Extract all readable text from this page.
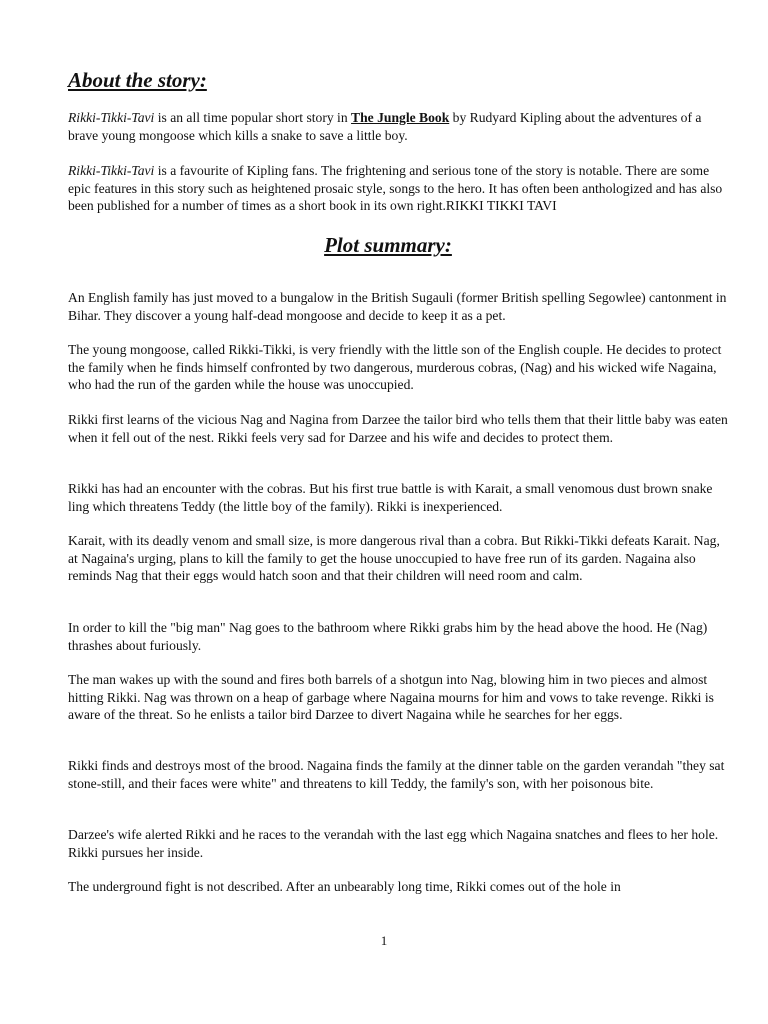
About the story:

Rikki-Tikki-Tavi is an all time popular short story in The Jungle Book by Rudyard Kipling about the adventures of a brave young mongoose which kills a snake to save a little boy.

Rikki-Tikki-Tavi is a favourite of Kipling fans. The frightening and serious tone of the story is notable. There are some epic features in this story such as heightened prosaic style, songs to the hero. It has often been anthologized and has also been published for a number of times as a short book in its own right.RIKKI TIKKI TAVI

Plot summary:

An English family has just moved to a bungalow in the British Sugauli (former British spelling Segowlee) cantonment in Bihar. They discover a young half-dead mongoose and decide to keep it as a pet.

The young mongoose, called Rikki-Tikki, is very friendly with the little son of the English couple. He decides to protect the family when he finds himself confronted by two dangerous, murderous cobras, (Nag) and his wicked wife Nagaina, who had the run of the garden while the house was unoccupied.

Rikki first learns of the vicious Nag and Nagina from Darzee the tailor bird who tells them that their little baby was eaten when it fell out of the nest. Rikki feels very sad for Darzee and his wife and decides to protect them.

Rikki has had an encounter with the cobras. But his first true battle is with Karait, a small venomous dust brown snake ling which threatens Teddy (the little boy of the family). Rikki is inexperienced.

Karait, with its deadly venom and small size, is more dangerous rival than a cobra. But Rikki-Tikki defeats Karait. Nag, at Nagaina's urging, plans to kill the family to get the house unoccupied to have free run of its garden. Nagaina also reminds Nag that their eggs would hatch soon and that their children will need room and calm.

In order to kill the "big man" Nag goes to the bathroom where Rikki grabs him by the head above the hood. He (Nag) thrashes about furiously.

The man wakes up with the sound and fires both barrels of a shotgun into Nag, blowing him in two pieces and almost hitting Rikki. Nag was thrown on a heap of garbage where Nagaina mourns for him and vows to take revenge. Rikki is aware of the threat. So he enlists a tailor bird Darzee to divert Nagaina while he searches for her eggs.

Rikki finds and destroys most of the brood. Nagaina finds the family at the dinner table on the garden verandah "they sat stone-still, and their faces were white" and threatens to kill Teddy, the family's son, with her poisonous bite.

Darzee's wife alerted Rikki and he races to the verandah with the last egg which Nagaina snatches and flees to her hole. Rikki pursues her inside.

The underground fight is not described. After an unbearably long time, Rikki comes out of the hole in

1
